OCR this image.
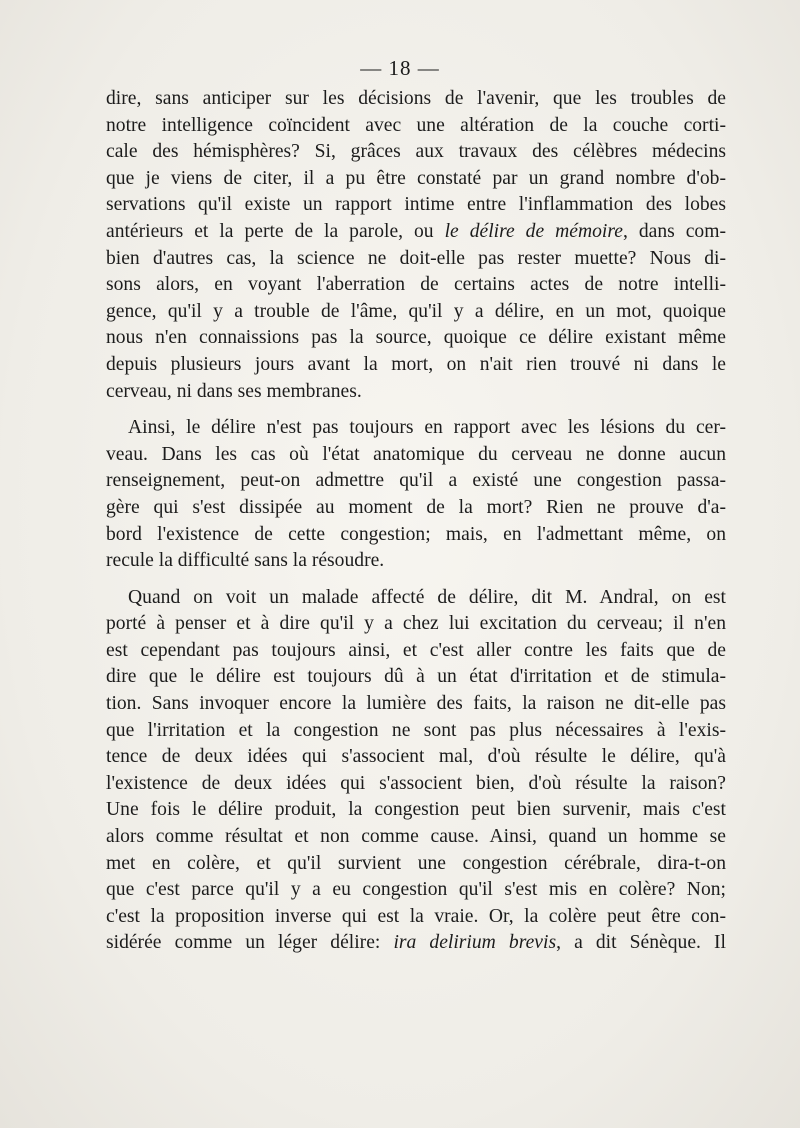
— 18 —
dire, sans anticiper sur les décisions de l'avenir, que les troubles de
notre intelligence coïncident avec une altération de la couche corti-
cale des hémisphères? Si, grâces aux travaux des célèbres médecins
que je viens de citer, il a pu être constaté par un grand nombre d'ob-
servations qu'il existe un rapport intime entre l'inflammation des lobes
antérieurs et la perte de la parole, ou le délire de mémoire, dans com-
bien d'autres cas, la science ne doit-elle pas rester muette? Nous di-
sons alors, en voyant l'aberration de certains actes de notre intelli-
gence, qu'il y a trouble de l'âme, qu'il y a délire, en un mot, quoique
nous n'en connaissions pas la source, quoique ce délire existant même
depuis plusieurs jours avant la mort, on n'ait rien trouvé ni dans le
cerveau, ni dans ses membranes.
Ainsi, le délire n'est pas toujours en rapport avec les lésions du cer-
veau. Dans les cas où l'état anatomique du cerveau ne donne aucun
renseignement, peut-on admettre qu'il a existé une congestion passa-
gère qui s'est dissipée au moment de la mort? Rien ne prouve d'a-
bord l'existence de cette congestion; mais, en l'admettant même, on
recule la difficulté sans la résoudre.
Quand on voit un malade affecté de délire, dit M. Andral, on est
porté à penser et à dire qu'il y a chez lui excitation du cerveau; il n'en
est cependant pas toujours ainsi, et c'est aller contre les faits que de
dire que le délire est toujours dû à un état d'irritation et de stimula-
tion. Sans invoquer encore la lumière des faits, la raison ne dit-elle pas
que l'irritation et la congestion ne sont pas plus nécessaires à l'exis-
tence de deux idées qui s'associent mal, d'où résulte le délire, qu'à
l'existence de deux idées qui s'associent bien, d'où résulte la raison?
Une fois le délire produit, la congestion peut bien survenir, mais c'est
alors comme résultat et non comme cause. Ainsi, quand un homme se
met en colère, et qu'il survient une congestion cérébrale, dira-t-on
que c'est parce qu'il y a eu congestion qu'il s'est mis en colère? Non;
c'est la proposition inverse qui est la vraie. Or, la colère peut être con-
sidérée comme un léger délire: ira delirium brevis, a dit Sénèque. Il
